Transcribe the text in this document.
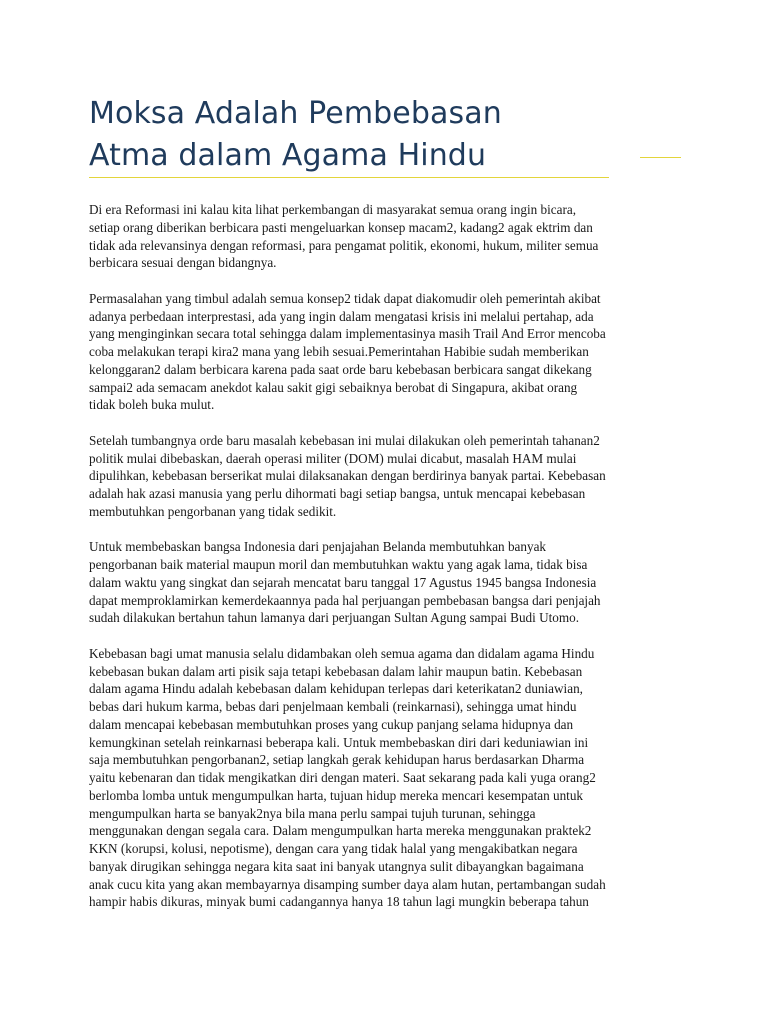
Moksa Adalah Pembebasan
Atma dalam Agama Hindu

Di era Reformasi ini kalau kita lihat perkembangan di masyarakat semua orang ingin bicara,
setiap orang diberikan berbicara pasti mengeluarkan konsep macam2, kadang2 agak ektrim dan
tidak ada relevansinya dengan reformasi, para pengamat politik, ekonomi, hukum, militer semua
berbicara sesuai dengan bidangnya.

Permasalahan yang timbul adalah semua konsep2 tidak dapat diakomudir oleh pemerintah akibat
adanya perbedaan interprestasi, ada yang ingin dalam mengatasi krisis ini melalui pertahap, ada
yang menginginkan secara total sehingga dalam implementasinya masih Trail And Error mencoba
coba melakukan terapi kira2 mana yang lebih sesuai.Pemerintahan Habibie sudah memberikan
kelonggaran2 dalam berbicara karena pada saat orde baru kebebasan berbicara sangat dikekang
sampai2 ada semacam anekdot kalau sakit gigi sebaiknya berobat di Singapura, akibat orang
tidak boleh buka mulut.

Setelah tumbangnya orde baru masalah kebebasan ini mulai dilakukan oleh pemerintah tahanan2
politik mulai dibebaskan, daerah operasi militer (DOM) mulai dicabut, masalah HAM mulai
dipulihkan, kebebasan berserikat mulai dilaksanakan dengan berdirinya banyak partai. Kebebasan
adalah hak azasi manusia yang perlu dihormati bagi setiap bangsa, untuk mencapai kebebasan
membutuhkan pengorbanan yang tidak sedikit.

Untuk membebaskan bangsa Indonesia dari penjajahan Belanda membutuhkan banyak
pengorbanan baik material maupun moril dan membutuhkan waktu yang agak lama, tidak bisa
dalam waktu yang singkat dan sejarah mencatat baru tanggal 17 Agustus 1945 bangsa Indonesia
dapat memproklamirkan kemerdekaannya pada hal perjuangan pembebasan bangsa dari penjajah
sudah dilakukan bertahun tahun lamanya dari perjuangan Sultan Agung sampai Budi Utomo.

Kebebasan bagi umat manusia selalu didambakan oleh semua agama dan didalam agama Hindu
kebebasan bukan dalam arti pisik saja tetapi kebebasan dalam lahir maupun batin. Kebebasan
dalam agama Hindu adalah kebebasan dalam kehidupan terlepas dari keterikatan2 duniawian,
bebas dari hukum karma, bebas dari penjelmaan kembali (reinkarnasi), sehingga umat hindu
dalam mencapai kebebasan membutuhkan proses yang cukup panjang selama hidupnya dan
kemungkinan setelah reinkarnasi beberapa kali. Untuk membebaskan diri dari keduniawian ini
saja membutuhkan pengorbanan2, setiap langkah gerak kehidupan harus berdasarkan Dharma
yaitu kebenaran dan tidak mengikatkan diri dengan materi. Saat sekarang pada kali yuga orang2
berlomba lomba untuk mengumpulkan harta, tujuan hidup mereka mencari kesempatan untuk
mengumpulkan harta se banyak2nya bila mana perlu sampai tujuh turunan, sehingga
menggunakan dengan segala cara. Dalam mengumpulkan harta mereka menggunakan praktek2
KKN (korupsi, kolusi, nepotisme), dengan cara yang tidak halal yang mengakibatkan negara
banyak dirugikan sehingga negara kita saat ini banyak utangnya sulit dibayangkan bagaimana
anak cucu kita yang akan membayarnya disamping sumber daya alam hutan, pertambangan sudah
hampir habis dikuras, minyak bumi cadangannya hanya 18 tahun lagi mungkin beberapa tahun
